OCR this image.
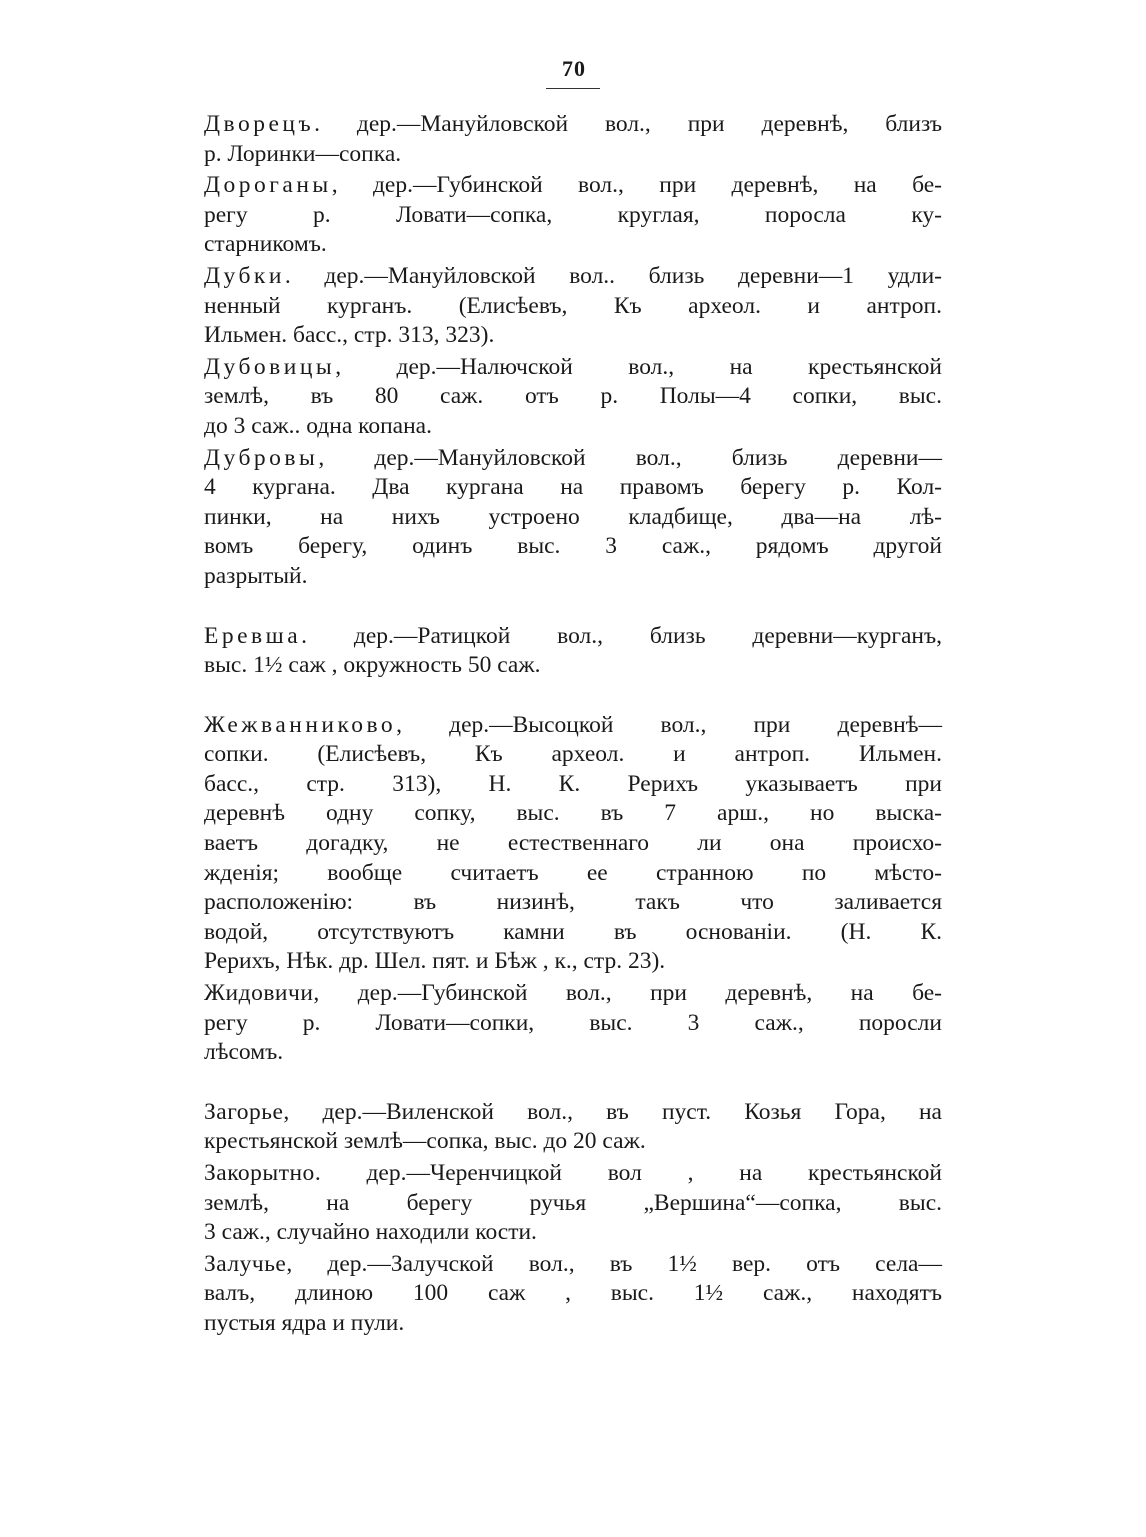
70

Дворецъ. дер.—Мануйловской вол., при деревнѣ, близъ
р. Лоринки—сопка.

Дороганы, дер.—Губинской вол., при деревнѣ, на бе-
регу р. Ловати—сопка, круглая, поросла ку-
старникомъ.

Дубки. дер.—Мануйловской вол.. близь деревни—1 удли-
ненный курганъ. (Елисѣевъ, Къ археол. и антроп.
Ильмен. басс., стр. 313, 323).

Дубовицы, дер.—Налючской вол., на крестьянской
землѣ, въ 80 саж. отъ р. Полы—4 сопки, выс.
до 3 саж.. одна копана.

Дубровы, дер.—Мануйловской вол., близь деревни—
4 кургана. Два кургана на правомъ берегу р. Кол-
пинки, на нихъ устроено кладбище, два—на лѣ-
вомъ берегу, одинъ выс. 3 саж., рядомъ другой
разрытый.

Еревша. дер.—Ратицкой вол., близь деревни—курганъ,
выс. 1½ саж , окружность 50 саж.

Жежванниково, дер.—Высоцкой вол., при деревнѣ—
сопки. (Елисѣевъ, Къ археол. и антроп. Ильмен.
басс., стр. 313), Н. К. Рерихъ указываетъ при
деревнѣ одну сопку, выс. въ 7 арш., но выска-
ваетъ догадку, не естественнаго ли она происхо-
жденія; вообще считаетъ ее странною по мѣсто-
расположенію: въ низинѣ, такъ что заливается
водой, отсутствуютъ камни въ основаніи. (Н. К.
Рерихъ, Нѣк. др. Шел. пят. и Бѣж , к., стр. 23).

Жидовичи, дер.—Губинской вол., при деревнѣ, на бе-
регу р. Ловати—сопки, выс. 3 саж., поросли
лѣсомъ.

Загорье, дер.—Виленской вол., въ пуст. Козья Гора, на
крестьянской землѣ—сопка, выс. до 20 саж.

Закорытно. дер.—Черенчицкой вол , на крестьянской
землѣ, на берегу ручья „Вершина“—сопка, выс.
3 саж., случайно находили кости.

Залучье, дер.—Залучской вол., въ 1½ вер. отъ села—
валъ, длиною 100 саж , выс. 1½ саж., находятъ
пустыя ядра и пули.
